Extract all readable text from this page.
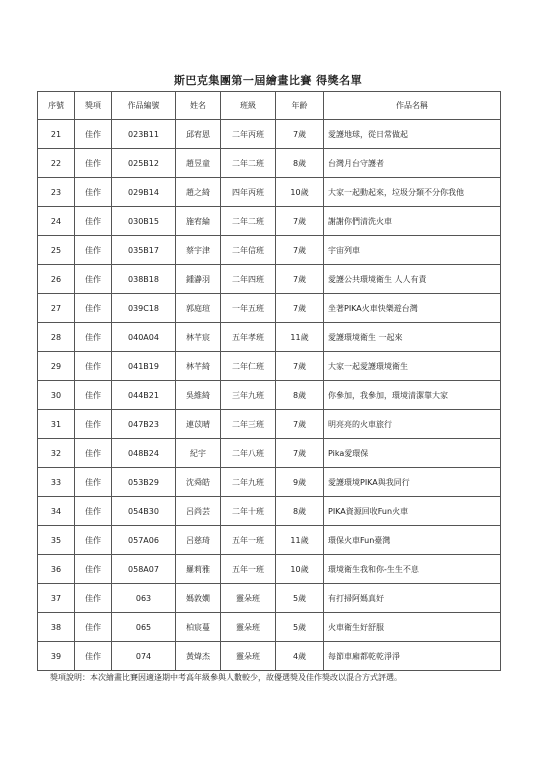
斯巴克集團第一屆繪畫比賽 得獎名單
序號	獎項	作品編號	姓名	班級	年齡	作品名稱
21	佳作	023B11	邱宥恩	二年丙班	7歲	愛護地球，從日常做起
22	佳作	025B12	趙昱童	二年二班	8歲	台灣月台守護者
23	佳作	029B14	趙之綺	四年丙班	10歲	大家一起動起來，垃圾分類不分你我他
24	佳作	030B15	施宥綸	二年二班	7歲	謝謝你們清洗火車
25	佳作	035B17	蔡宇津	二年信班	7歲	宇宙列車
26	佳作	038B18	鍾瀞羽	二年四班	7歲	愛護公共環境衛生 人人有責
27	佳作	039C18	郭庭瑄	一年五班	7歲	坐著PIKA火車快樂遊台灣
28	佳作	040A04	林芊宸	五年孝班	11歲	愛護環境衛生 一起來
29	佳作	041B19	林芊綺	二年仁班	7歲	大家一起愛護環境衛生
30	佳作	044B21	吳維綺	三年九班	8歲	你參加，我參加，環境清潔靠大家
31	佳作	047B23	連苡晴	二年三班	7歲	明亮亮的火車旅行
32	佳作	048B24	紀宇	二年八班	7歲	Pika愛環保
33	佳作	053B29	沈舜皓	二年九班	9歲	愛護環境PIKA與我同行
34	佳作	054B30	呂尚芸	二年十班	8歲	PIKA資源回收Fun火車
35	佳作	057A06	呂慈琦	五年一班	11歲	環保火車Fun臺灣
36	佳作	058A07	羅莉雅	五年一班	10歲	環境衛生我和你-生生不息
37	佳作	063	媽敦嫺	靈朵班	5歲	有打掃阿媽真好
38	佳作	065	柏宸蔓	靈朵班	5歲	火車衛生好舒服
39	佳作	074	黃煒杰	靈朵班	4歲	每節車廂都乾乾淨淨
獎項說明：本次繪畫比賽因適逢期中考高年級參與人數較少，故優選獎及佳作獎改以混合方式評選。
